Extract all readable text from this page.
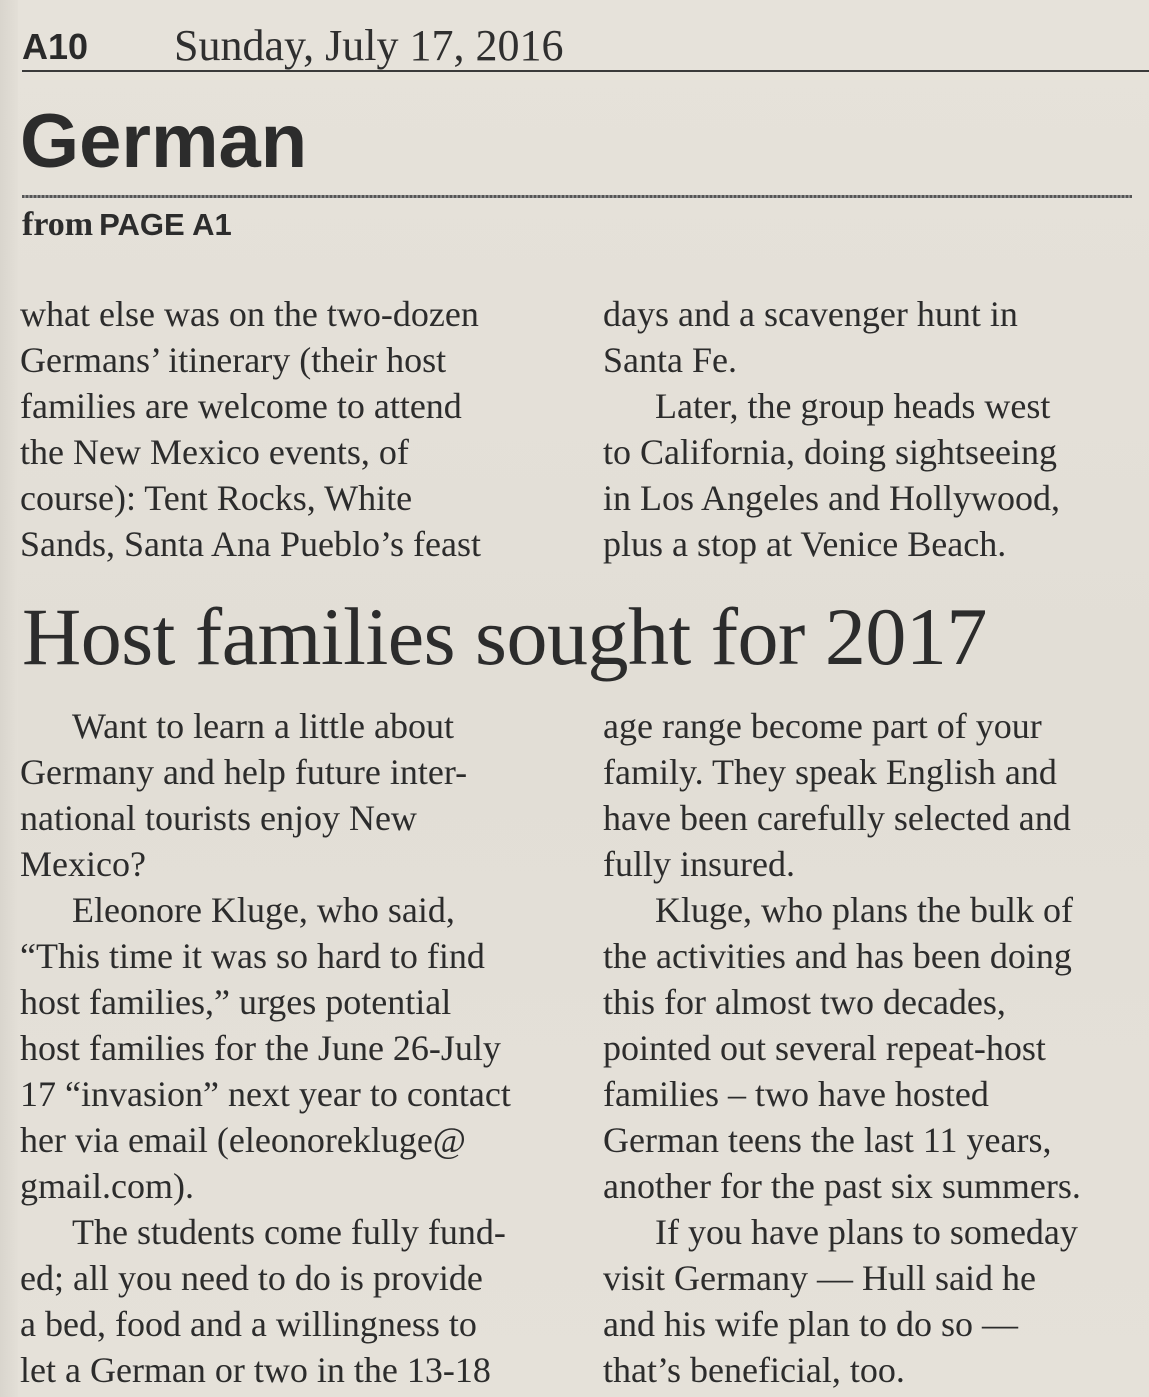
A10 Sunday, July 17, 2016
German
from PAGE A1
what else was on the two-dozen
Germans’ itinerary (their host
families are welcome to attend
the New Mexico events, of
course): Tent Rocks, White
Sands, Santa Ana Pueblo’s feast
days and a scavenger hunt in
Santa Fe.
Later, the group heads west
to California, doing sightseeing
in Los Angeles and Hollywood,
plus a stop at Venice Beach.
Host families sought for 2017
Want to learn a little about
Germany and help future inter-
national tourists enjoy New
Mexico?
Eleonore Kluge, who said,
“This time it was so hard to find
host families,” urges potential
host families for the June 26-July
17 “invasion” next year to contact
her via email (eleonorekluge@
gmail.com).
The students come fully fund-
ed; all you need to do is provide
a bed, food and a willingness to
let a German or two in the 13-18
age range become part of your
family. They speak English and
have been carefully selected and
fully insured.
Kluge, who plans the bulk of
the activities and has been doing
this for almost two decades,
pointed out several repeat-host
families – two have hosted
German teens the last 11 years,
another for the past six summers.
If you have plans to someday
visit Germany — Hull said he
and his wife plan to do so —
that’s beneficial, too.
